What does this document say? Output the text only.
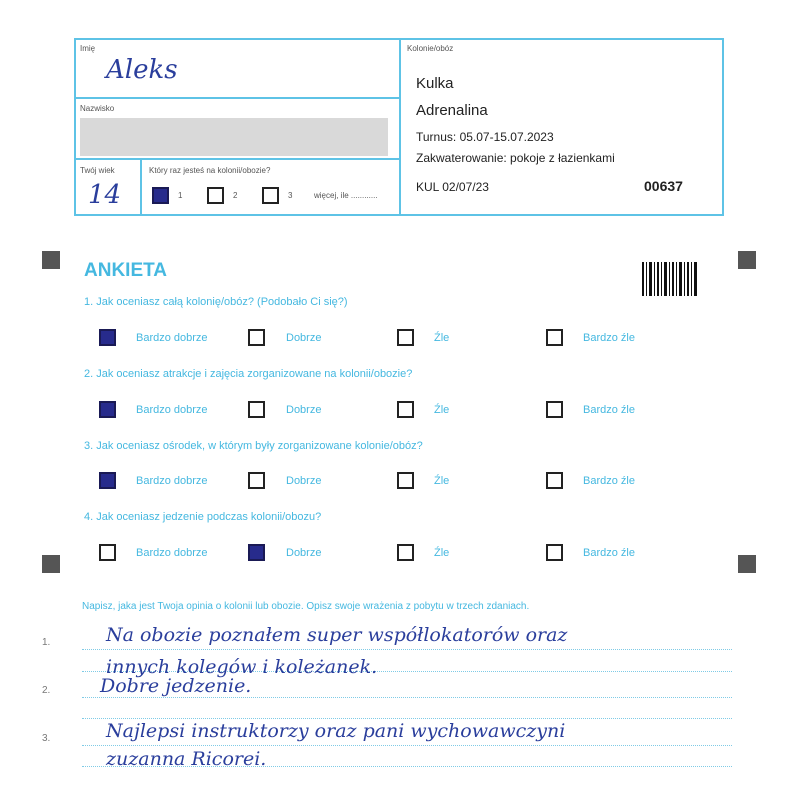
Imię
Aleks
Nazwisko
Twój wiek
14
Który raz jesteś na kolonii/obozie?
1	2	3	więcej, ile ............
Kolonie/obóz
Kulka
Adrenalina
Turnus: 05.07-15.07.2023
Zakwaterowanie: pokoje z łazienkami
KUL 02/07/23	00637
ANKIETA
1. Jak oceniasz całą kolonię/obóz? (Podobało Ci się?)
Bardzo dobrze	Dobrze	Źle	Bardzo źle
2. Jak oceniasz atrakcje i zajęcia zorganizowane na kolonii/obozie?
Bardzo dobrze	Dobrze	Źle	Bardzo źle
3. Jak oceniasz ośrodek, w którym były zorganizowane kolonie/obóz?
Bardzo dobrze	Dobrze	Źle	Bardzo źle
4. Jak oceniasz jedzenie podczas kolonii/obozu?
Bardzo dobrze	Dobrze	Źle	Bardzo źle
Napisz, jaka jest Twoja opinia o kolonii lub obozie. Opisz swoje wrażenia z pobytu w trzech zdaniach.
1.
2.
3.
Na obozie poznałem super współlokatorów oraz
innych kolegów i koleżanek.
Dobre jedzenie.
Najlepsi instruktorzy oraz pani wychowawczyni
zuzanna Ricorei.
